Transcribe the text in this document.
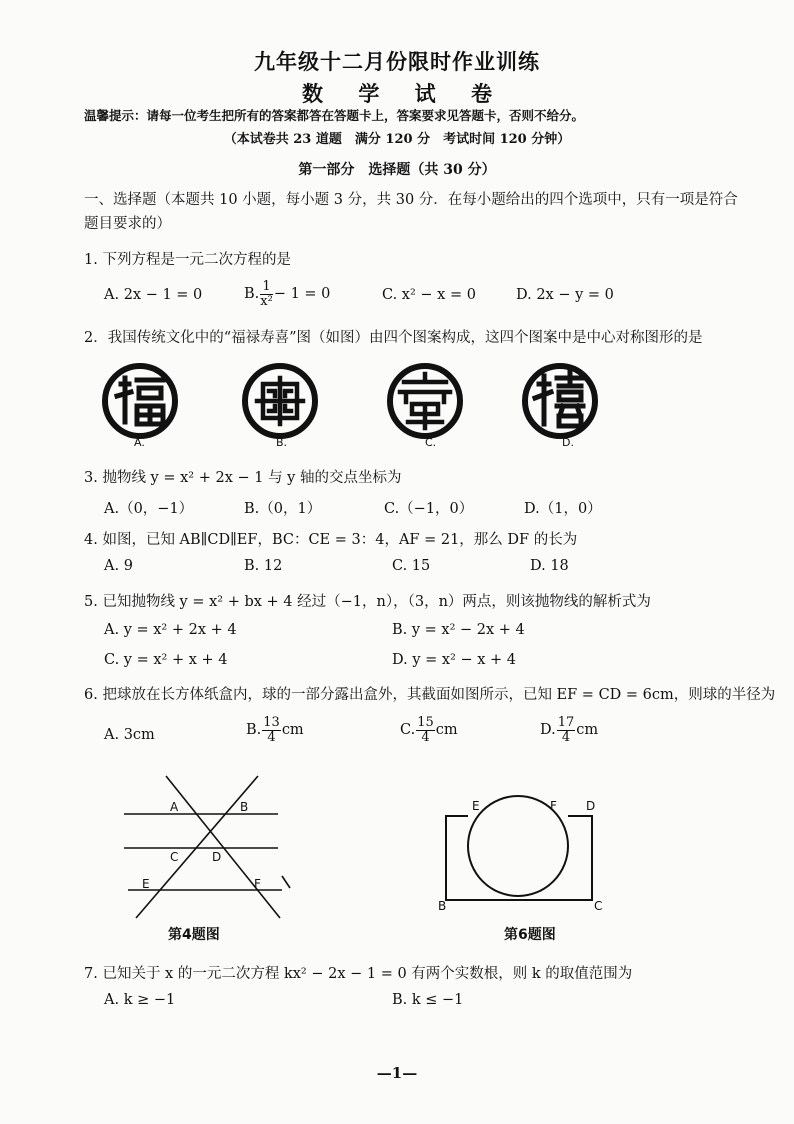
九年级十二月份限时作业训练
数 学 试 卷
温馨提示：请每一位考生把所有的答案都答在答题卡上，答案要求见答题卡，否则不给分。
（本试卷共 23 道题　满分 120 分　考试时间 120 分钟）
第一部分　选择题（共 30 分）
一、选择题（本题共 10 小题，每小题 3 分，共 30 分．在每小题给出的四个选项中，只有一项是符合题目要求的）
1. 下列方程是一元二次方程的是
A. 2x − 1 = 0	B. $\frac{1}{\text{x²}} - 1 = 0$	C. x² − x = 0	D. 2x − y = 0
2．我国传统文化中的“福禄寿喜”图（如图）由四个图案构成，这四个图案中是中心对称图形的是
A.	B.	C.	D.
3. 抛物线 y = x² + 2x − 1 与 y 轴的交点坐标为
A.（0，−1）	B.（0，1）	C.（−1，0）	D.（1，0）
4. 如图，已知 AB∥CD∥EF，BC：CE = 3：4，AF = 21，那么 DF 的长为
A. 9	B. 12	C. 15	D. 18
5. 已知抛物线 y = x² + bx + 4 经过（−1，n），（3，n）两点，则该抛物线的解析式为
A. y = x² + 2x + 4	B. y = x² − 2x + 4
C. y = x² + x + 4	D. y = x² − x + 4
6. 把球放在长方体纸盒内，球的一部分露出盒外，其截面如图所示，已知 EF = CD = 6cm，则球的半径为
A. 3cm	B. $\frac{13}{4}$ cm	C. $\frac{15}{4}$ cm	D. $\frac{17}{4}$ cm
A	B
C	D
E	F
第4题图
E	F D
B	C
第6题图
7. 已知关于 x 的一元二次方程 kx² − 2x − 1 = 0 有两个实数根，则 k 的取值范围为
A. k ≥ −1	B. k ≤ −1
—1—
